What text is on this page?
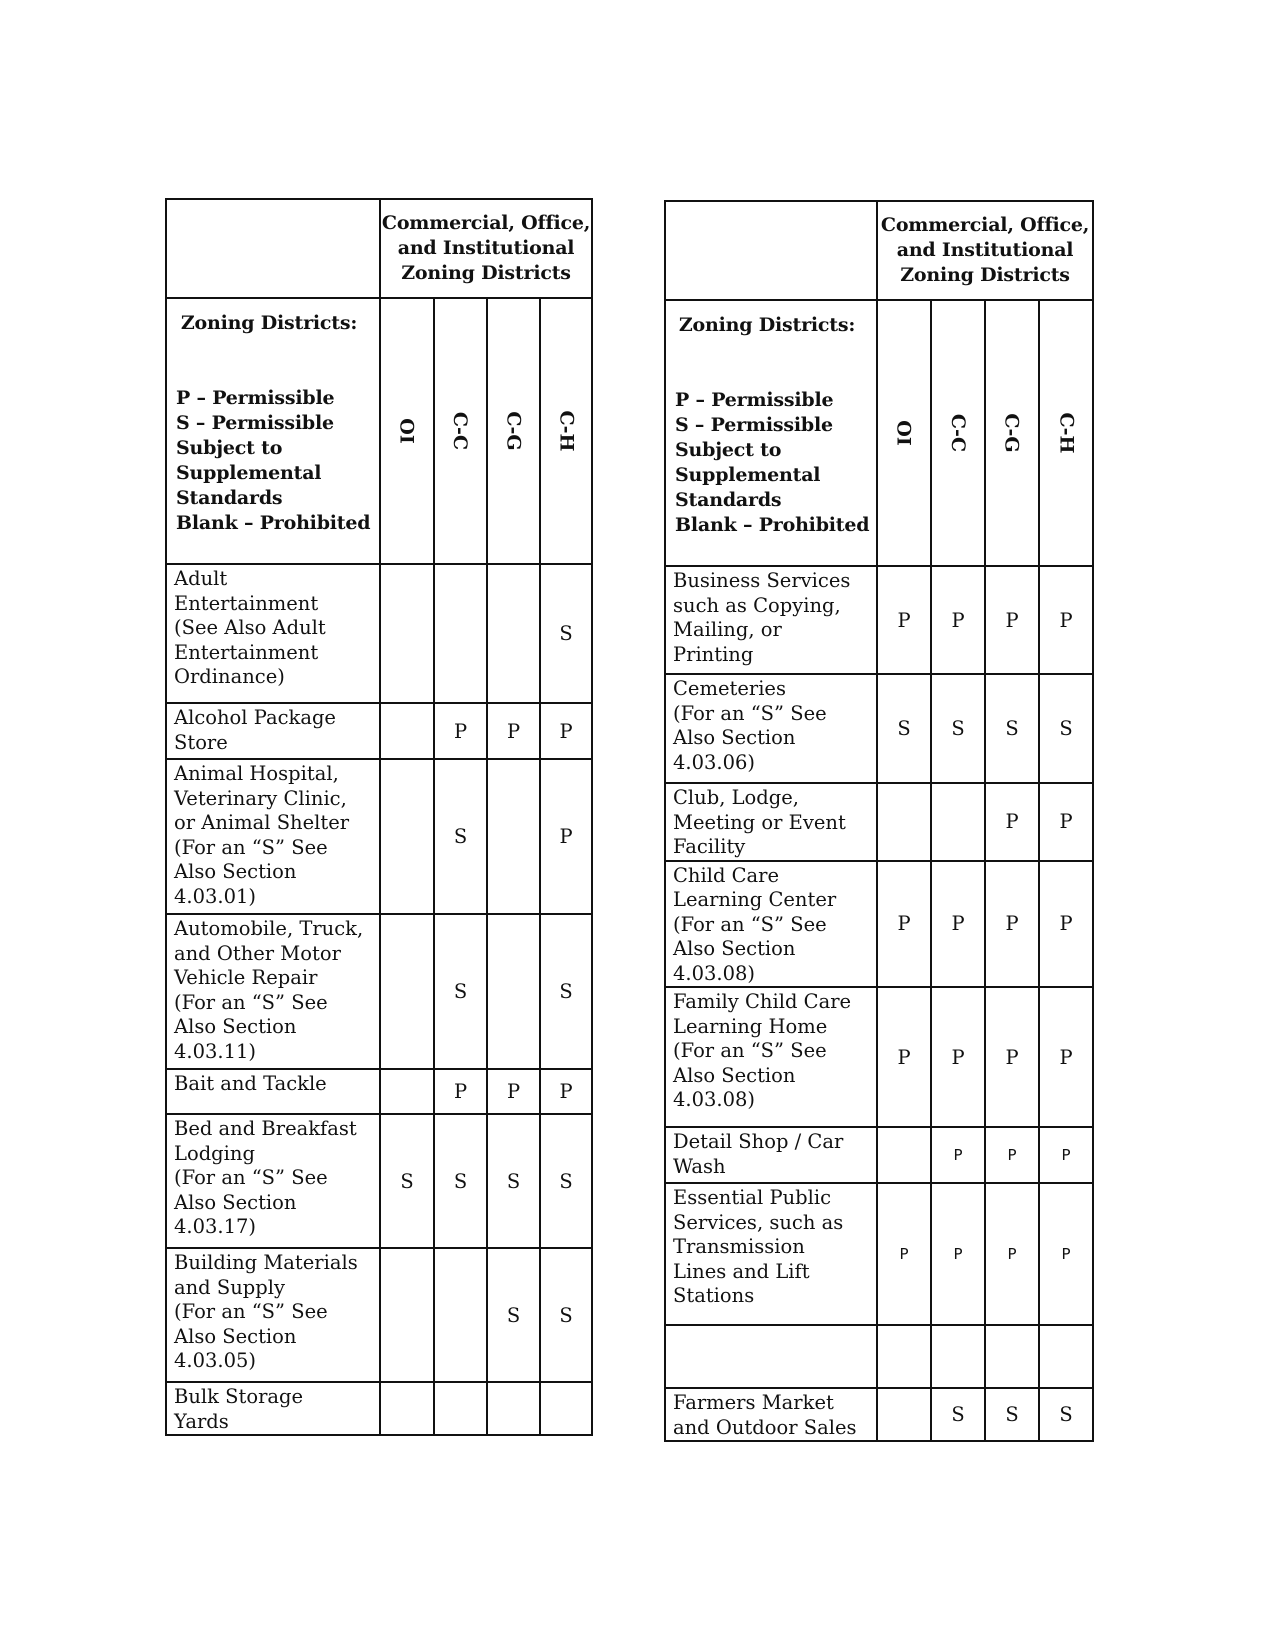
	Commercial, Office,
and Institutional
Zoning Districts			

Zoning Districts:
P – Permissible
S – Permissible
Subject to
Supplemental
Standards
Blank – Prohibited
	OI	C-C	C-G	C-H

Adult
Entertainment
(See Also Adult
Entertainment
Ordinance)				S

Alcohol Package
Store		P	P	P

Animal Hospital,
Veterinary Clinic,
or Animal Shelter
(For an “S” See
Also Section
4.03.01)
		S		P

Automobile, Truck,
and Other Motor
Vehicle Repair
(For an “S” See
Also Section
4.03.11)
		S		S

Bait and Tackle		P	P	P

Bed and Breakfast
Lodging
(For an “S” See
Also Section
4.03.17)	S	S	S	S

Building Materials
and Supply
(For an “S” See
Also Section
4.03.05)			S	S

Bulk Storage
Yards				

	Commercial, Office,
and Institutional
Zoning Districts			

Zoning Districts:
P – Permissible
S – Permissible
Subject to
Supplemental
Standards
Blank – Prohibited
	OI	C-C	C-G	C-H

Business Services
such as Copying,
Mailing, or
Printing	P	P	P	P

Cemeteries
(For an “S” See
Also Section
4.03.06)	S	S	S	S

Club, Lodge,
Meeting or Event
Facility			P	P

Child Care
Learning Center
(For an “S” See
Also Section
4.03.08)	P	P	P	P

Family Child Care
Learning Home
(For an “S” See
Also Section
4.03.08)	P	P	P	P

Detail Shop / Car
Wash		P	P	P

Essential Public
Services, such as
Transmission
Lines and Lift
Stations	P	P	P	P

Farmers Market
and Outdoor Sales		S	S	S
